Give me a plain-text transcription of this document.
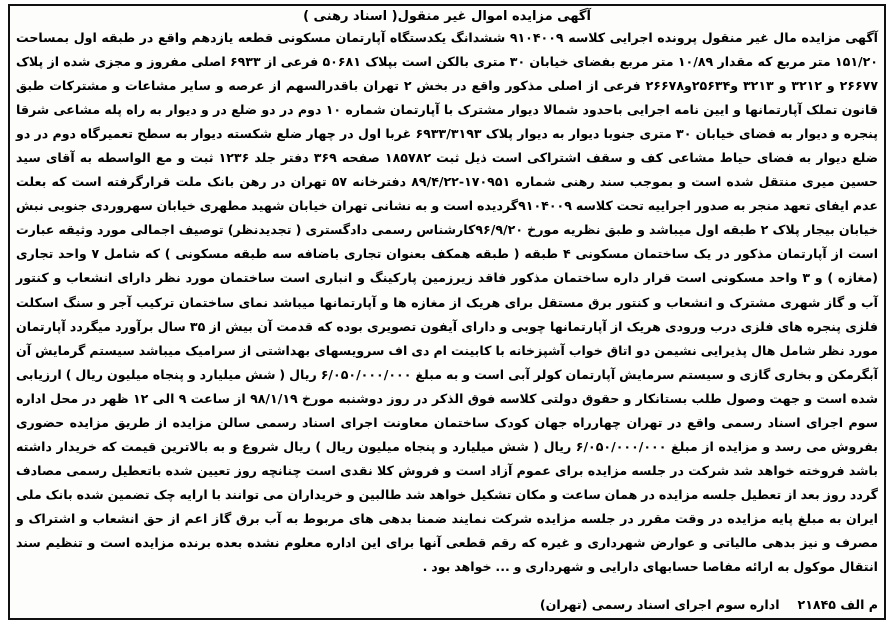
آگهی مزایده اموال غیر منقول( اسناد رهنی )
آگهی مزایده مال غیر منقول پرونده اجرایی کلاسه ۹۱۰۴۰۰۹ ششدانگ یکدستگاه آپارتمان مسکونی قطعه یازدهم واقع در طبقه اول بمساحت ۱۵۱/۲۰ متر مربع که مقدار ۱۰/۸۹ متر مربع بفضای خیابان ۳۰ متری بالکن است بپلاک ۵۰۶۸۱ فرعی از ۶۹۳۳ اصلی مفروز و مجزی شده از پلاک ۲۶۶۷۷ و ۳۲۱۲ و ۳۲۱۳ و۲۵۶۳۴و۲۶۶۷۸ فرعی از اصلی مذکور واقع در بخش ۲ تهران باقدرالسهم از عرصه و سایر مشاعات و مشترکات طبق قانون تملک آپارتمانها و ایین نامه اجرایی باحدود شمالا دیوار مشترک با آپارتمان شماره ۱۰ دوم در دو ضلع در و دیوار به راه پله مشاعی شرقا پنجره و دیوار به فضای خیابان ۳۰ متری جنوبا دیوار به دیوار پلاک ۶۹۳۳/۳۱۹۳ غربا اول در چهار ضلع شکسته دیوار به سطح تعمیرگاه دوم در دو ضلع دیوار به فضای حیاط مشاعی کف و سقف اشتراکی است ذیل ثبت ۱۸۵۷۸۲ صفحه ۳۶۹ دفتر جلد ۱۲۳۶ ثبت و مع الواسطه به آقای سید حسین میری منتقل شده است و بموجب سند رهنی شماره ۱۷۰۹۵۱-۸۹/۴/۲۲ دفترخانه ۵۷ تهران در رهن بانک ملت قرارگرفته است که بعلت عدم ایفای تعهد منجر به صدور اجراییه تحت کلاسه ۹۱۰۴۰۰۹گردیده است و به نشانی تهران خیابان شهید مطهری خیابان سهروردی جنوبی نبش خیابان بیجار پلاک ۲ طبقه اول میباشد و طبق نظریه مورخ ۹۶/۹/۲۰کارشناس رسمی دادگستری ( تجدیدنظر) توصیف اجمالی مورد وثیقه عبارت است از آپارتمان مذکور در یک ساختمان مسکونی ۴ طبقه ( طبقه همکف بعنوان تجاری باضافه سه طبقه مسکونی ) که شامل ۷ واحد تجاری (مغازه ) و ۳ واحد مسکونی است قرار داره ساختمان مذکور فاقد زیرزمین پارکینگ و انباری است ساختمان مورد نظر دارای انشعاب و کنتور آب و گاز شهری مشترک و انشعاب و کنتور برق مستقل برای هریک از مغازه ها و آپارتمانها میباشد نمای ساختمان ترکیب آجر و سنگ اسکلت فلزی پنجره های فلزی درب ورودی هریک از آپارتمانها چوبی و دارای آیفون تصویری بوده که قدمت آن بیش از ۳۵ سال برآورد میگردد آپارتمان مورد نظر شامل هال پذیرایی نشیمن دو اتاق خواب آشپزخانه با کابینت ام دی اف سرویسهای بهداشتی از سرامیک میباشد سیستم گرمایش آن آبگرمکن و بخاری گازی و سیستم سرمایش آپارتمان کولر آبی است و به مبلغ ۶/۰۵۰/۰۰۰/۰۰۰ ریال ( شش میلیارد و پنجاه میلیون ریال ) ارزیابی شده است و جهت وصول طلب بستانکار و حقوق دولتی کلاسه فوق الذکر در روز دوشنبه مورخ ۹۸/۱/۱۹ از ساعت ۹ الی ۱۲ ظهر در محل اداره سوم اجرای اسناد رسمی واقع در تهران چهارراه جهان کودک ساختمان معاونت اجرای اسناد رسمی سالن مزایده از طریق مزایده حضوری بفروش می رسد و مزایده از مبلغ ۶/۰۵۰/۰۰۰/۰۰۰ ریال ( شش میلیارد و پنجاه میلیون ریال ) ریال شروع و به بالاترین قیمت که خریدار داشته باشد فروخته خواهد شد شرکت در جلسه مزایده برای عموم آزاد است و فروش کلا نقدی است چنانچه روز تعیین شده باتعطیل رسمی مصادف گردد روز بعد از تعطیل جلسه مزایده در همان ساعت و مکان تشکیل خواهد شد طالبین و خریداران می توانند با ارایه چک تضمین شده بانک ملی ایران به مبلغ پایه مزایده در وقت مقرر در جلسه مزایده شرکت نمایند ضمنا بدهی های مربوط به آب برق گاز اعم از حق انشعاب و اشتراک و مصرف و نیز بدهی مالیاتی و عوارض شهرداری و غیره که رقم قطعی آنها برای این اداره معلوم نشده بعده برنده مزایده است و تنظیم سند انتقال موکول به ارائه مفاصا حسابهای دارایی و شهرداری و ... خواهد بود .
م الف ۲۱۸۴۵اداره سوم اجرای اسناد رسمی (تهران)
